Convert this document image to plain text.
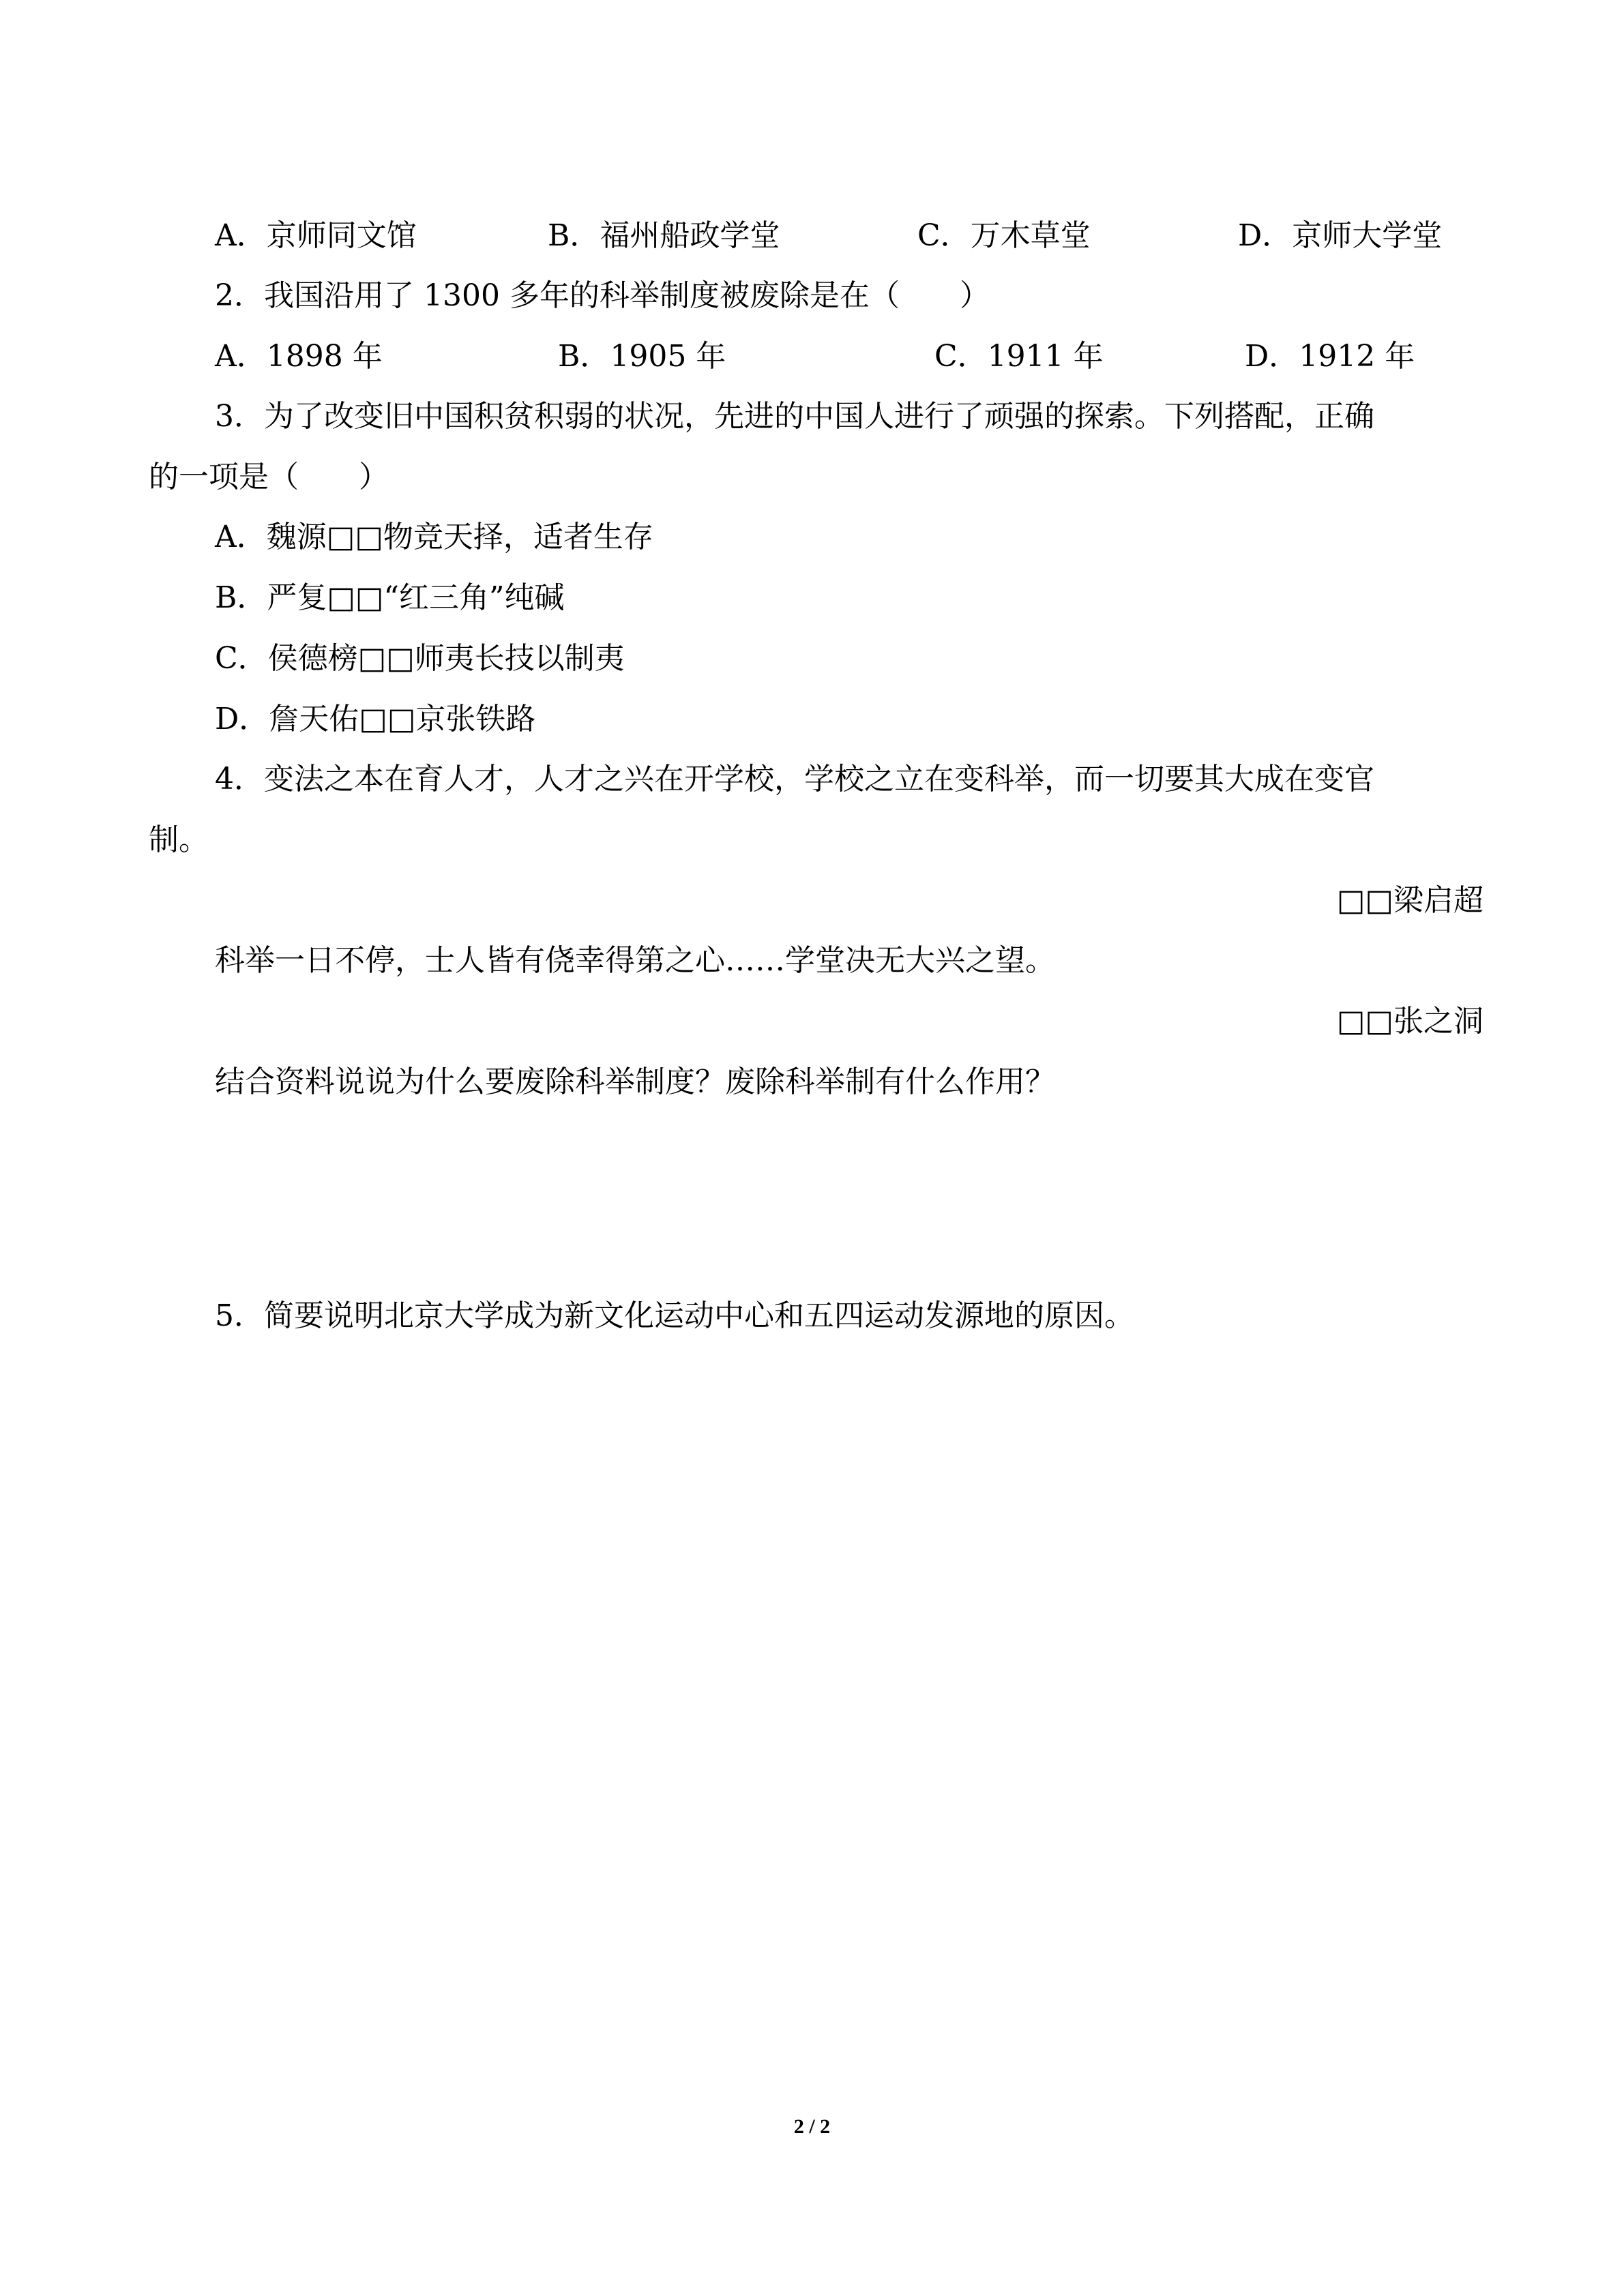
A．京师同文馆	B．福州船政学堂	C．万木草堂	D．京师大学堂
2．我国沿用了 1300 多年的科举制度被废除是在（　　）
A．1898 年	B．1905 年	C．1911 年	D．1912 年
3．为了改变旧中国积贫积弱的状况，先进的中国人进行了顽强的探索。下列搭配，正确
的一项是（　　）
A．魏源□□物竞天择，适者生存
B．严复□□“红三角”纯碱
C．侯德榜□□师夷长技以制夷
D．詹天佑□□京张铁路
4．变法之本在育人才，人才之兴在开学校，学校之立在变科举，而一切要其大成在变官
制。
□□梁启超
科举一日不停，士人皆有侥幸得第之心……学堂决无大兴之望。
□□张之洞
结合资料说说为什么要废除科举制度？废除科举制有什么作用？
5．简要说明北京大学成为新文化运动中心和五四运动发源地的原因。
2 / 2
